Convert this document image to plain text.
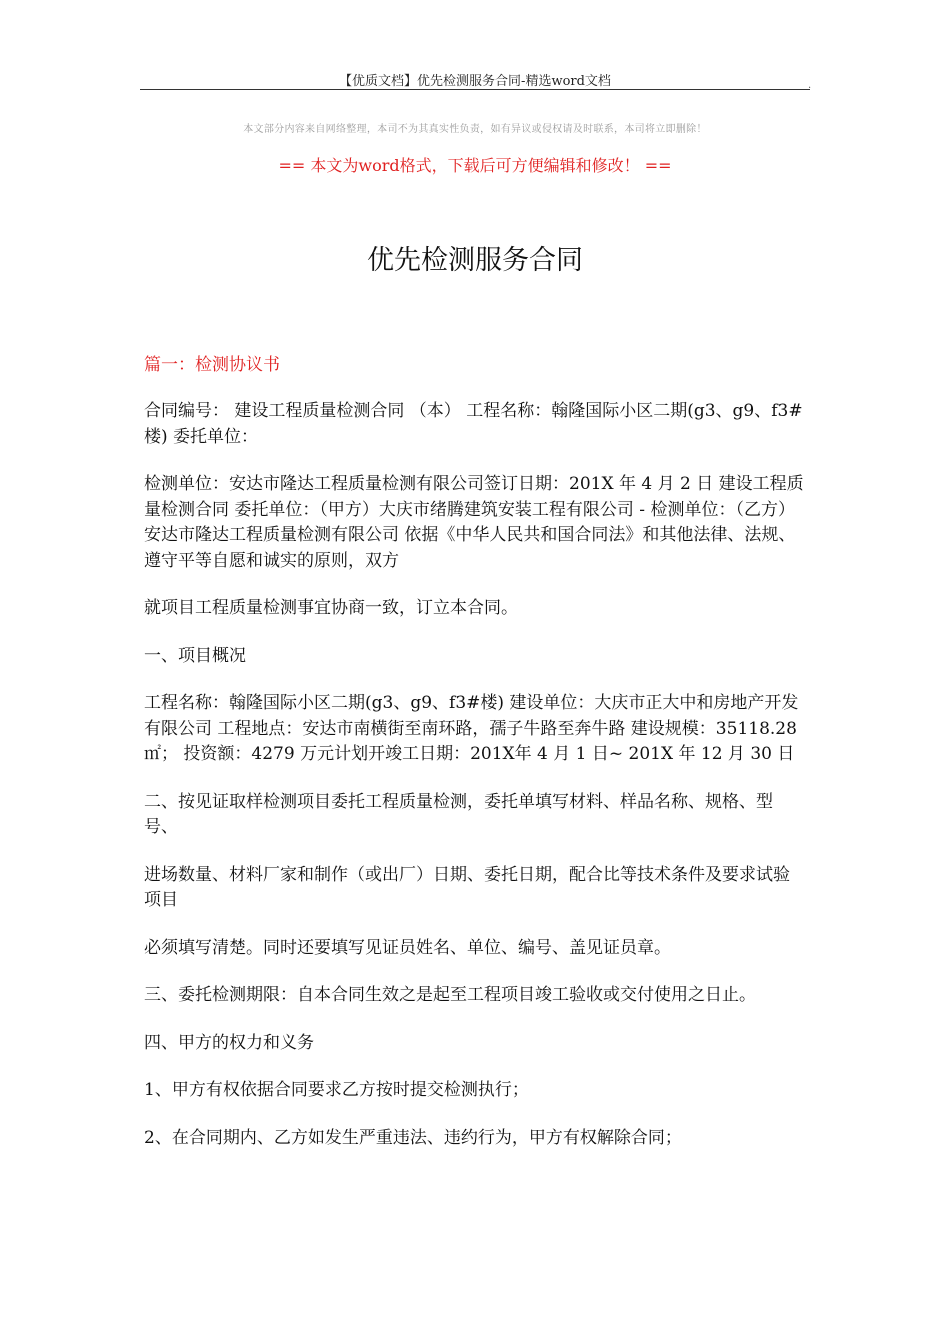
【优质文档】优先检测服务合同-精选word文档	.
本文部分内容来自网络整理，本司不为其真实性负责，如有异议或侵权请及时联系，本司将立即删除！
== 本文为word格式，下载后可方便编辑和修改！ ==
优先检测服务合同
篇一：检测协议书

合同编号： 建设工程质量检测合同 （本） 工程名称：翰隆国际小区二期(g3、g9、f3#楼) 委托单位：

检测单位：安达市隆达工程质量检测有限公司签订日期：201X 年 4 月 2 日 建设工程质量检测合同 委托单位：（甲方）大庆市绪腾建筑安装工程有限公司 - 检测单位：（乙方）安达市隆达工程质量检测有限公司 依据《中华人民共和国合同法》和其他法律、法规、遵守平等自愿和诚实的原则，双方

就项目工程质量检测事宜协商一致，订立本合同。

一、项目概况

工程名称：翰隆国际小区二期(g3、g9、f3#楼) 建设单位：大庆市正大中和房地产开发有限公司 工程地点：安达市南横街至南环路，孺子牛路至奔牛路 建设规模：35118.28㎡； 投资额：4279 万元计划开竣工日期：201X年 4 月 1 日~ 201X 年 12 月 30 日

二、按见证取样检测项目委托工程质量检测，委托单填写材料、样品名称、规格、型号、

进场数量、材料厂家和制作（或出厂）日期、委托日期，配合比等技术条件及要求试验项目

必须填写清楚。同时还要填写见证员姓名、单位、编号、盖见证员章。

三、委托检测期限：自本合同生效之是起至工程项目竣工验收或交付使用之日止。

四、甲方的权力和义务

1、甲方有权依据合同要求乙方按时提交检测执行；

2、在合同期内、乙方如发生严重违法、违约行为，甲方有权解除合同；
